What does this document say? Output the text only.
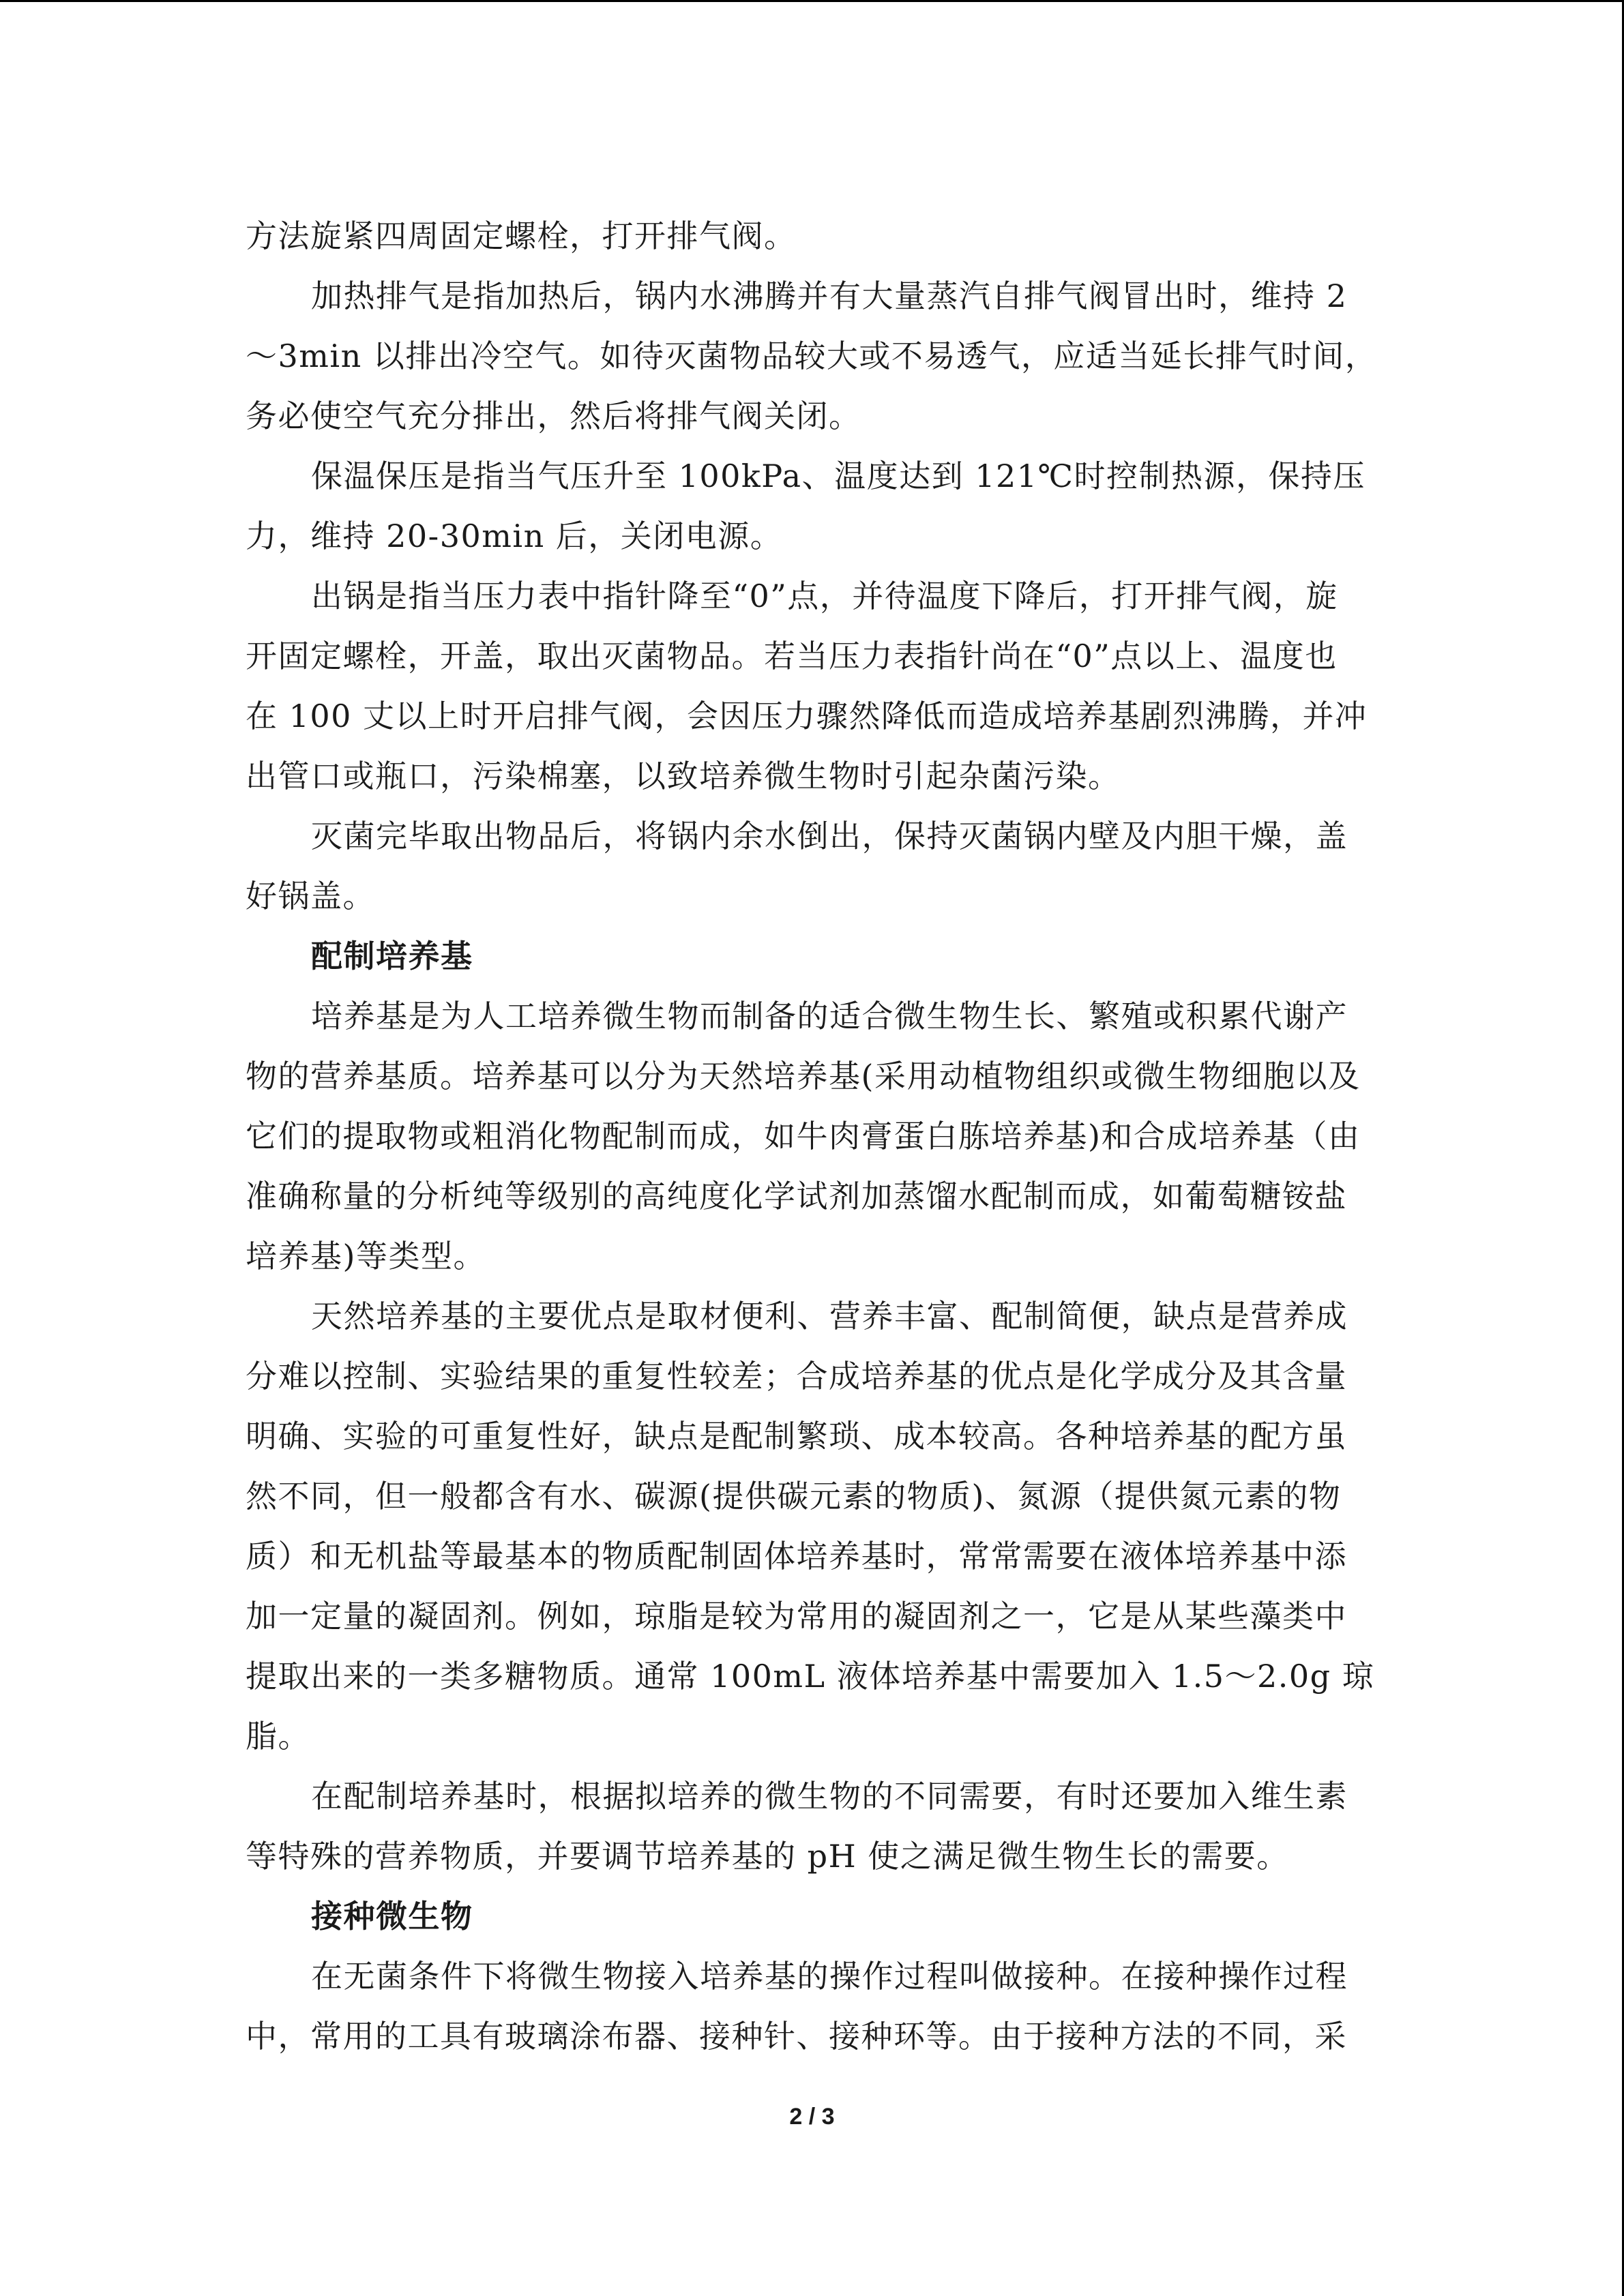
方法旋紧四周固定螺栓，打开排气阀。
加热排气是指加热后，锅内水沸腾并有大量蒸汽自排气阀冒出时，维持 2
～3min 以排出冷空气。如待灭菌物品较大或不易透气，应适当延长排气时间，
务必使空气充分排出，然后将排气阀关闭。
保温保压是指当气压升至 100kPa、温度达到 121℃时控制热源，保持压
力，维持 20-30min 后，关闭电源。
出锅是指当压力表中指针降至“0”点，并待温度下降后，打开排气阀，旋
开固定螺栓，开盖，取出灭菌物品。若当压力表指针尚在“0”点以上、温度也
在 100 丈以上时开启排气阀，会因压力骤然降低而造成培养基剧烈沸腾，并冲
出管口或瓶口，污染棉塞，以致培养微生物时引起杂菌污染。
灭菌完毕取出物品后，将锅内余水倒出，保持灭菌锅内壁及内胆干燥，盖
好锅盖。
配制培养基
培养基是为人工培养微生物而制备的适合微生物生长、繁殖或积累代谢产
物的营养基质。培养基可以分为天然培养基(采用动植物组织或微生物细胞以及
它们的提取物或粗消化物配制而成，如牛肉膏蛋白胨培养基)和合成培养基（由
准确称量的分析纯等级别的高纯度化学试剂加蒸馏水配制而成，如葡萄糖铵盐
培养基)等类型。
天然培养基的主要优点是取材便利、营养丰富、配制简便，缺点是营养成
分难以控制、实验结果的重复性较差；合成培养基的优点是化学成分及其含量
明确、实验的可重复性好，缺点是配制繁琐、成本较高。各种培养基的配方虽
然不同，但一般都含有水、碳源(提供碳元素的物质)、氮源（提供氮元素的物
质）和无机盐等最基本的物质配制固体培养基时，常常需要在液体培养基中添
加一定量的凝固剂。例如，琼脂是较为常用的凝固剂之一，它是从某些藻类中
提取出来的一类多糖物质。通常 100mL 液体培养基中需要加入 1.5～2.0g 琼
脂。
在配制培养基时，根据拟培养的微生物的不同需要，有时还要加入维生素
等特殊的营养物质，并要调节培养基的 pH 使之满足微生物生长的需要。
接种微生物
在无菌条件下将微生物接入培养基的操作过程叫做接种。在接种操作过程
中，常用的工具有玻璃涂布器、接种针、接种环等。由于接种方法的不同，采
2 / 3
